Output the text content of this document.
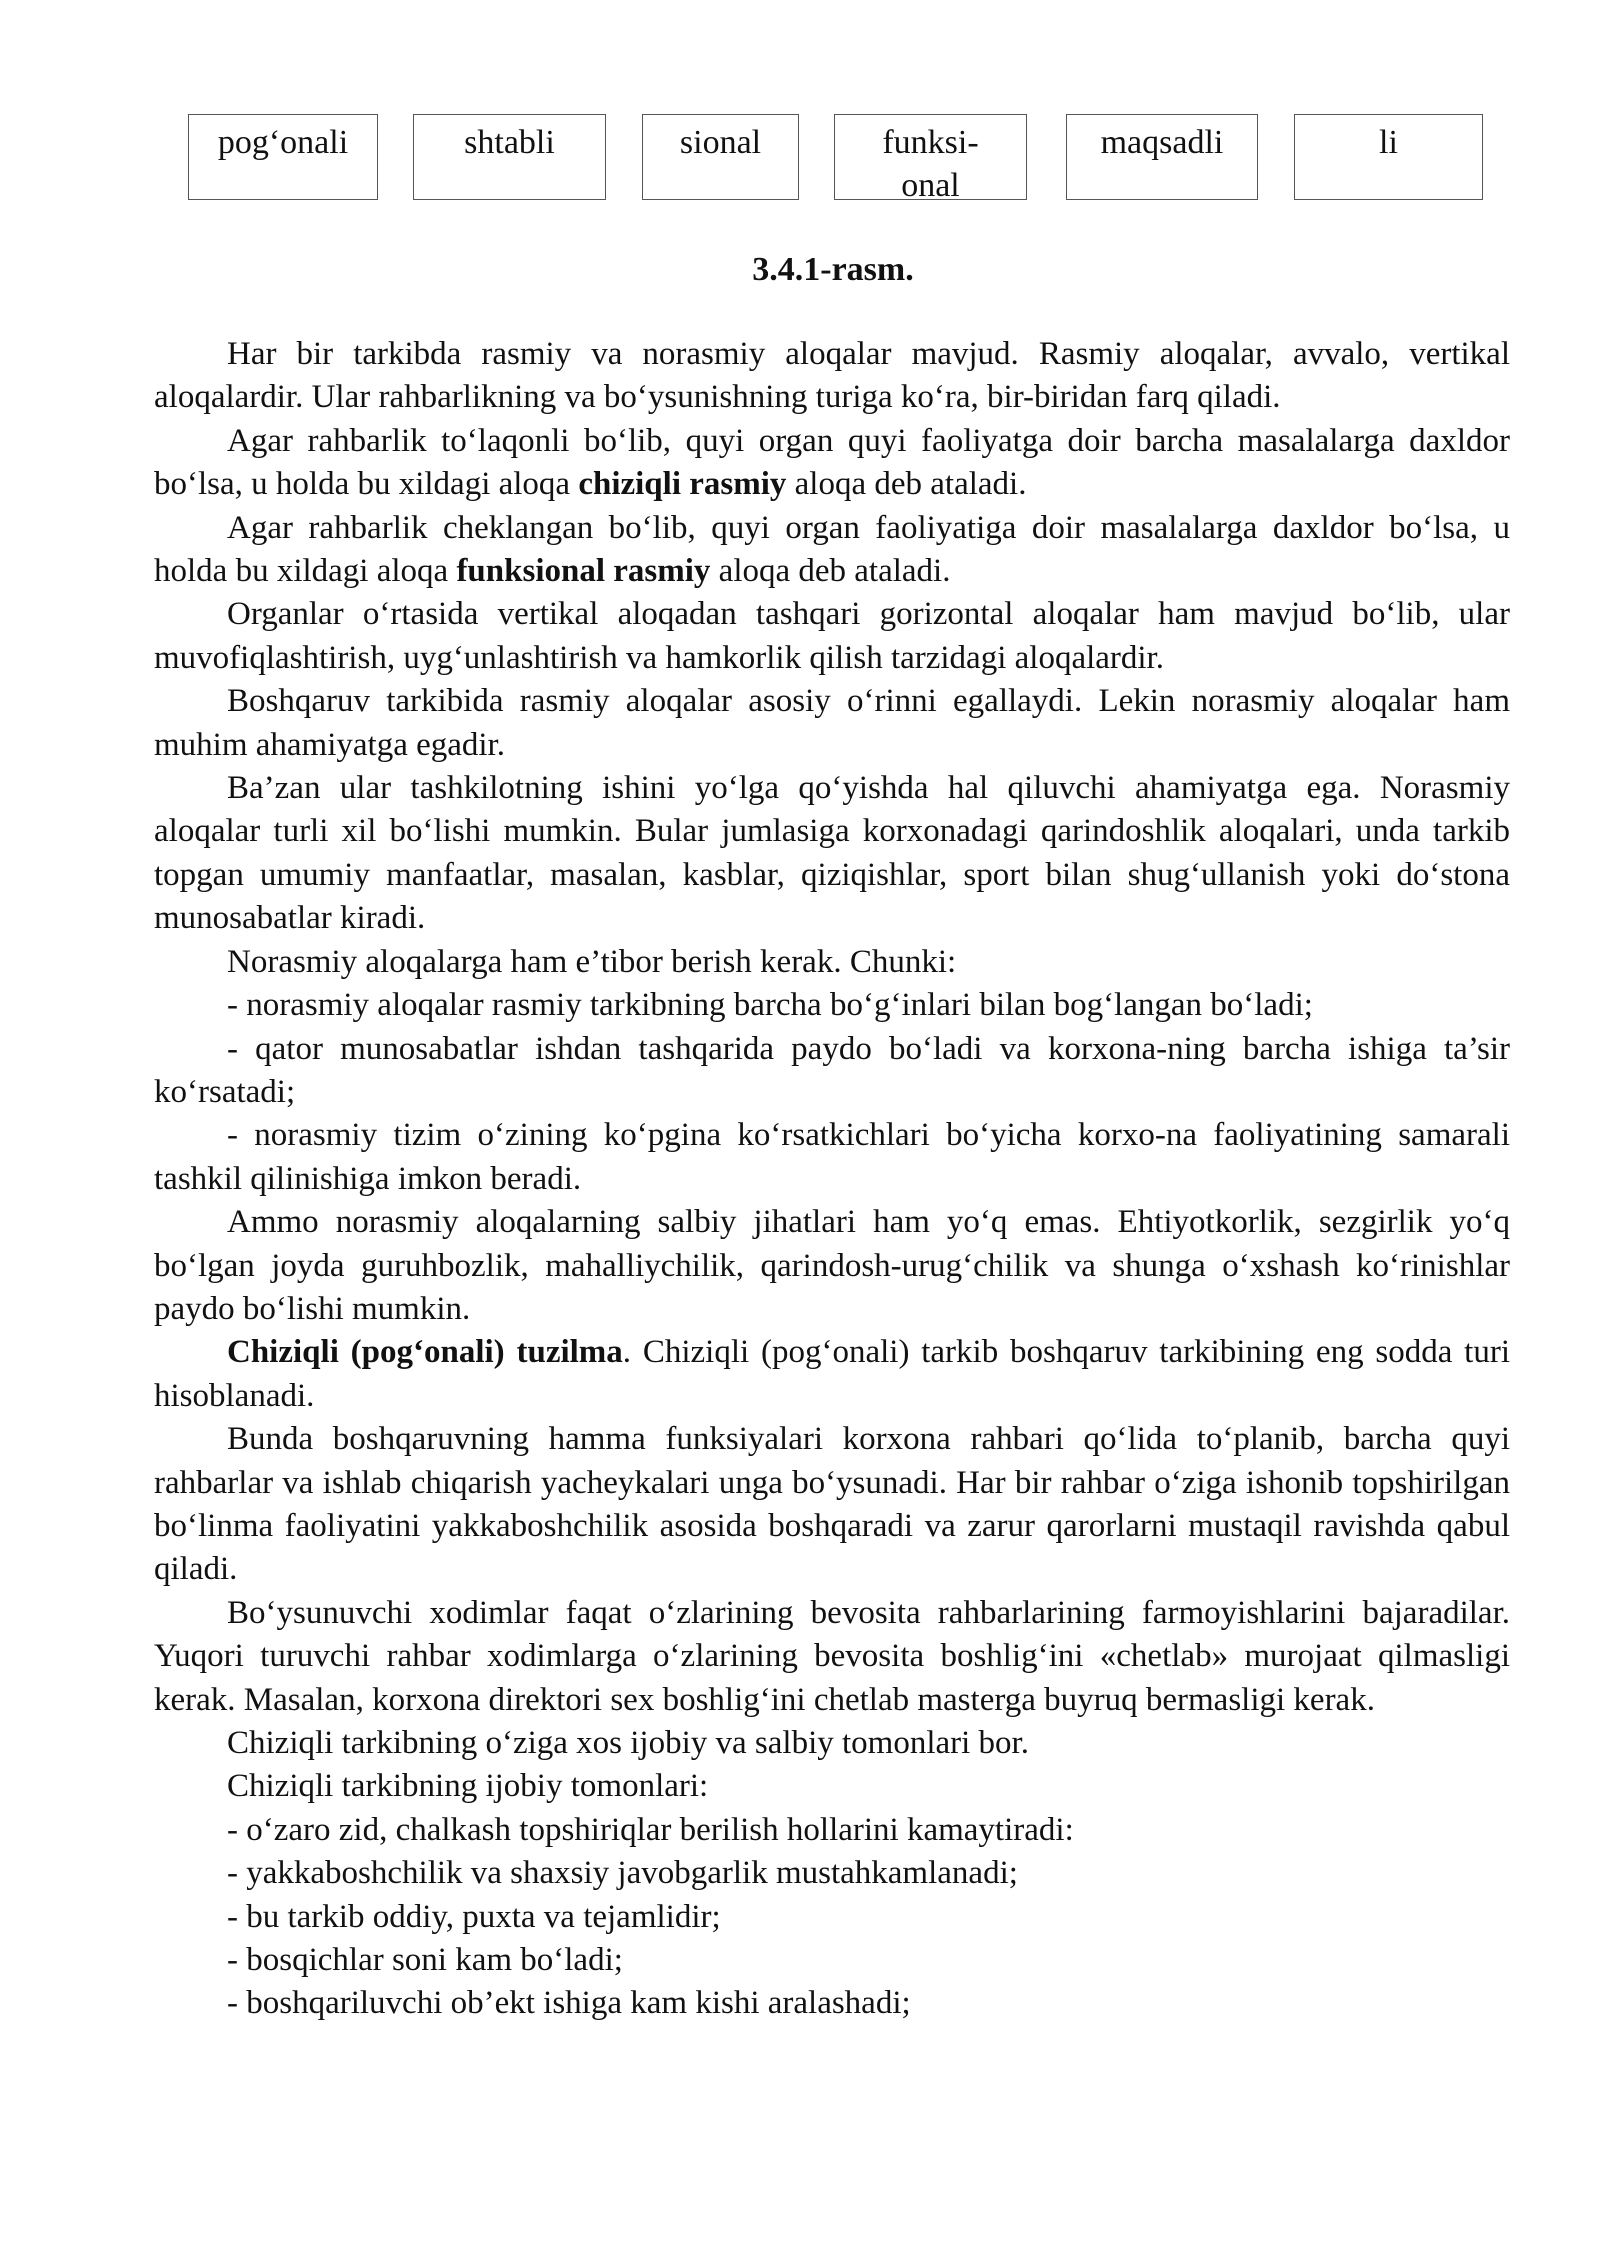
pog‘onali	shtabli	sional	funksi-
onal
maqsadli	li
3.4.1-rasm.

Har bir tarkibda rasmiy va norasmiy aloqalar mavjud. Rasmiy aloqalar, avvalo, vertikal aloqalardir. Ular rahbarlikning va bo‘ysunishning turiga ko‘ra, bir-biridan farq qiladi.

Agar rahbarlik to‘laqonli bo‘lib, quyi organ quyi faoliyatga doir barcha masalalarga daxldor bo‘lsa, u holda bu xildagi aloqa chiziqli rasmiy aloqa deb ataladi.

Agar rahbarlik cheklangan bo‘lib, quyi organ faoliyatiga doir masalalarga daxldor bo‘lsa, u holda bu xildagi aloqa funksional rasmiy aloqa deb ataladi.

Organlar o‘rtasida vertikal aloqadan tashqari gorizontal aloqalar ham mavjud bo‘lib, ular muvofiqlashtirish, uyg‘unlashtirish va hamkorlik qilish tarzidagi aloqalardir.

Boshqaruv tarkibida rasmiy aloqalar asosiy o‘rinni egallaydi. Lekin norasmiy aloqalar ham muhim ahamiyatga egadir.

Ba’zan ular tashkilotning ishini yo‘lga qo‘yishda hal qiluvchi ahamiyatga ega. Norasmiy aloqalar turli xil bo‘lishi mumkin. Bular jumlasiga korxonadagi qarindoshlik aloqalari, unda tarkib topgan umumiy manfaatlar, masalan, kasblar, qiziqishlar, sport bilan shug‘ullanish yoki do‘stona munosabatlar kiradi.

Norasmiy aloqalarga ham e’tibor berish kerak. Chunki:

- norasmiy aloqalar rasmiy tarkibning barcha bo‘g‘inlari bilan bog‘langan bo‘ladi;

- qator munosabatlar ishdan tashqarida paydo bo‘ladi va korxona-ning barcha ishiga ta’sir ko‘rsatadi;

- norasmiy tizim o‘zining ko‘pgina ko‘rsatkichlari bo‘yicha korxo-na faoliyatining samarali tashkil qilinishiga imkon beradi.

Ammo norasmiy aloqalarning salbiy jihatlari ham yo‘q emas. Ehtiyotkorlik, sezgirlik yo‘q bo‘lgan joyda guruhbozlik, mahalliychilik, qarindosh-urug‘chilik va shunga o‘xshash ko‘rinishlar paydo bo‘lishi mumkin.

Chiziqli (pog‘onali) tuzilma. Chiziqli (pog‘onali) tarkib boshqaruv tarkibining eng sodda turi hisoblanadi.

Bunda boshqaruvning hamma funksiyalari korxona rahbari qo‘lida to‘planib, barcha quyi rahbarlar va ishlab chiqarish yacheykalari unga bo‘ysunadi. Har bir rahbar o‘ziga ishonib topshirilgan bo‘linma faoliyatini yakkaboshchilik asosida boshqaradi va zarur qarorlarni mustaqil ravishda qabul qiladi.

Bo‘ysunuvchi xodimlar faqat o‘zlarining bevosita rahbarlarining farmoyishlarini bajaradilar. Yuqori turuvchi rahbar xodimlarga o‘zlarining bevosita boshlig‘ini «chetlab» murojaat qilmasligi kerak. Masalan, korxona direktori sex boshlig‘ini chetlab masterga buyruq bermasligi kerak.

Chiziqli tarkibning o‘ziga xos ijobiy va salbiy tomonlari bor.

Chiziqli tarkibning ijobiy tomonlari:

- o‘zaro zid, chalkash topshiriqlar berilish hollarini kamaytiradi:

- yakkaboshchilik va shaxsiy javobgarlik mustahkamlanadi;

- bu tarkib oddiy, puxta va tejamlidir;

- bosqichlar soni kam bo‘ladi;

- boshqariluvchi ob’ekt ishiga kam kishi aralashadi;
